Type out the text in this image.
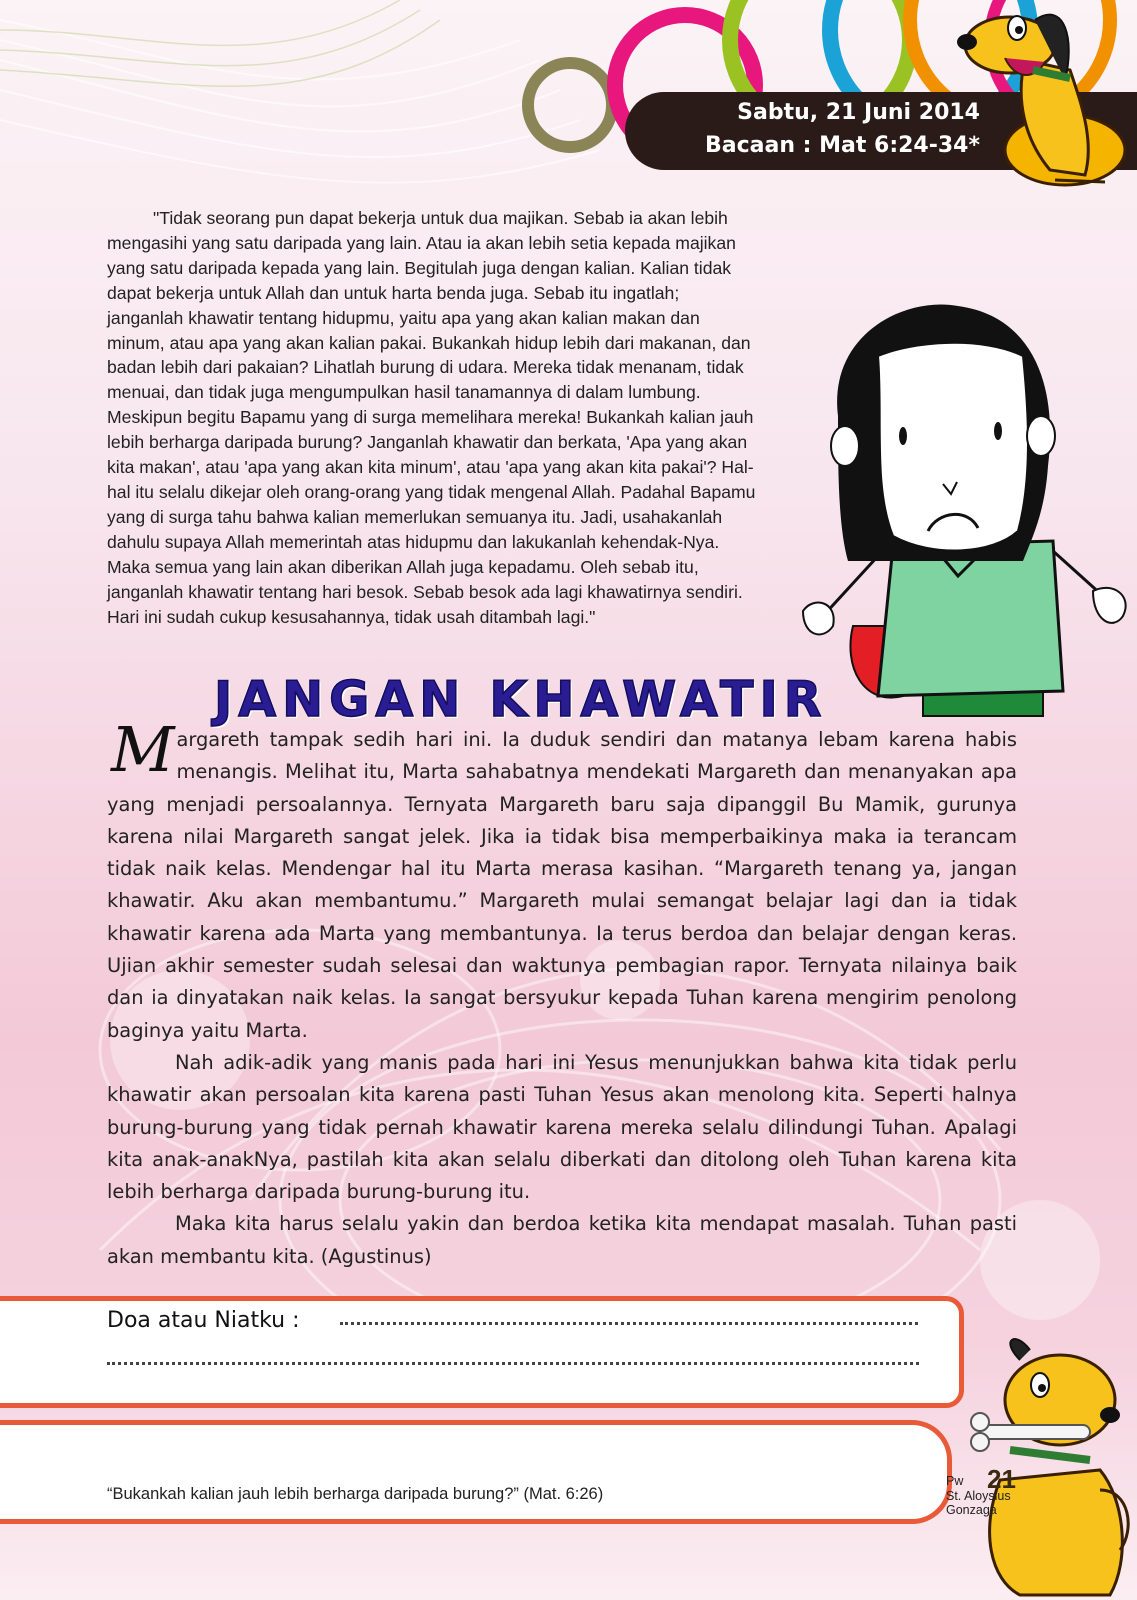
Sabtu, 21 Juni 2014
Bacaan : Mat 6:24-34*
"Tidak seorang pun dapat bekerja untuk dua majikan. Sebab ia akan lebih mengasihi yang satu daripada yang lain. Atau ia akan lebih setia kepada majikan yang satu daripada kepada yang lain. Begitulah juga dengan kalian. Kalian tidak dapat bekerja untuk Allah dan untuk harta benda juga. Sebab itu ingatlah; janganlah khawatir tentang hidupmu, yaitu apa yang akan kalian makan dan minum, atau apa yang akan kalian pakai. Bukankah hidup lebih dari makanan, dan badan lebih dari pakaian? Lihatlah burung di udara. Mereka tidak menanam, tidak menuai, dan tidak juga mengumpulkan hasil tanamannya di dalam lumbung. Meskipun begitu Bapamu yang di surga memelihara mereka! Bukankah kalian jauh lebih berharga daripada burung? Janganlah khawatir dan berkata, 'Apa yang akan kita makan', atau 'apa yang akan kita minum', atau 'apa yang akan kita pakai'? Hal-hal itu selalu dikejar oleh orang-orang yang tidak mengenal Allah. Padahal Bapamu yang di surga tahu bahwa kalian memerlukan semuanya itu. Jadi, usahakanlah dahulu supaya Allah memerintah atas hidupmu dan lakukanlah kehendak-Nya. Maka semua yang lain akan diberikan Allah juga kepadamu. Oleh sebab itu, janganlah khawatir tentang hari besok. Sebab besok ada lagi khawatirnya sendiri. Hari ini sudah cukup kesusahannya, tidak usah ditambah lagi."
JANGAN KHAWATIR

Margareth tampak sedih hari ini. Ia duduk sendiri dan matanya lebam karena habis menangis. Melihat itu, Marta sahabatnya mendekati Margareth dan menanyakan apa yang menjadi persoalannya. Ternyata Margareth baru saja dipanggil Bu Mamik, gurunya karena nilai Margareth sangat jelek. Jika ia tidak bisa memperbaikinya maka ia terancam tidak naik kelas. Mendengar hal itu Marta merasa kasihan. “Margareth tenang ya, jangan khawatir. Aku akan membantumu.” Margareth mulai semangat belajar lagi dan ia tidak khawatir karena ada Marta yang membantunya. Ia terus berdoa dan belajar dengan keras. Ujian akhir semester sudah selesai dan waktunya pembagian rapor. Ternyata nilainya baik dan ia dinyatakan naik kelas. Ia sangat bersyukur kepada Tuhan karena mengirim penolong baginya yaitu Marta.

Nah adik-adik yang manis pada hari ini Yesus menunjukkan bahwa kita tidak perlu khawatir akan persoalan kita karena pasti Tuhan Yesus akan menolong kita. Seperti halnya burung-burung yang tidak pernah khawatir karena mereka selalu dilindungi Tuhan. Apalagi kita anak-anakNya, pastilah kita akan selalu diberkati dan ditolong oleh Tuhan karena kita lebih berharga daripada burung-burung itu.

Maka kita harus selalu yakin dan berdoa ketika kita mendapat masalah. Tuhan pasti akan membantu kita. (Agustinus)

Doa atau Niatku :
“Bukankah kalian jauh lebih berharga daripada burung?” (Mat. 6:26)	21
Pw
St. Aloysius
Gonzaga
